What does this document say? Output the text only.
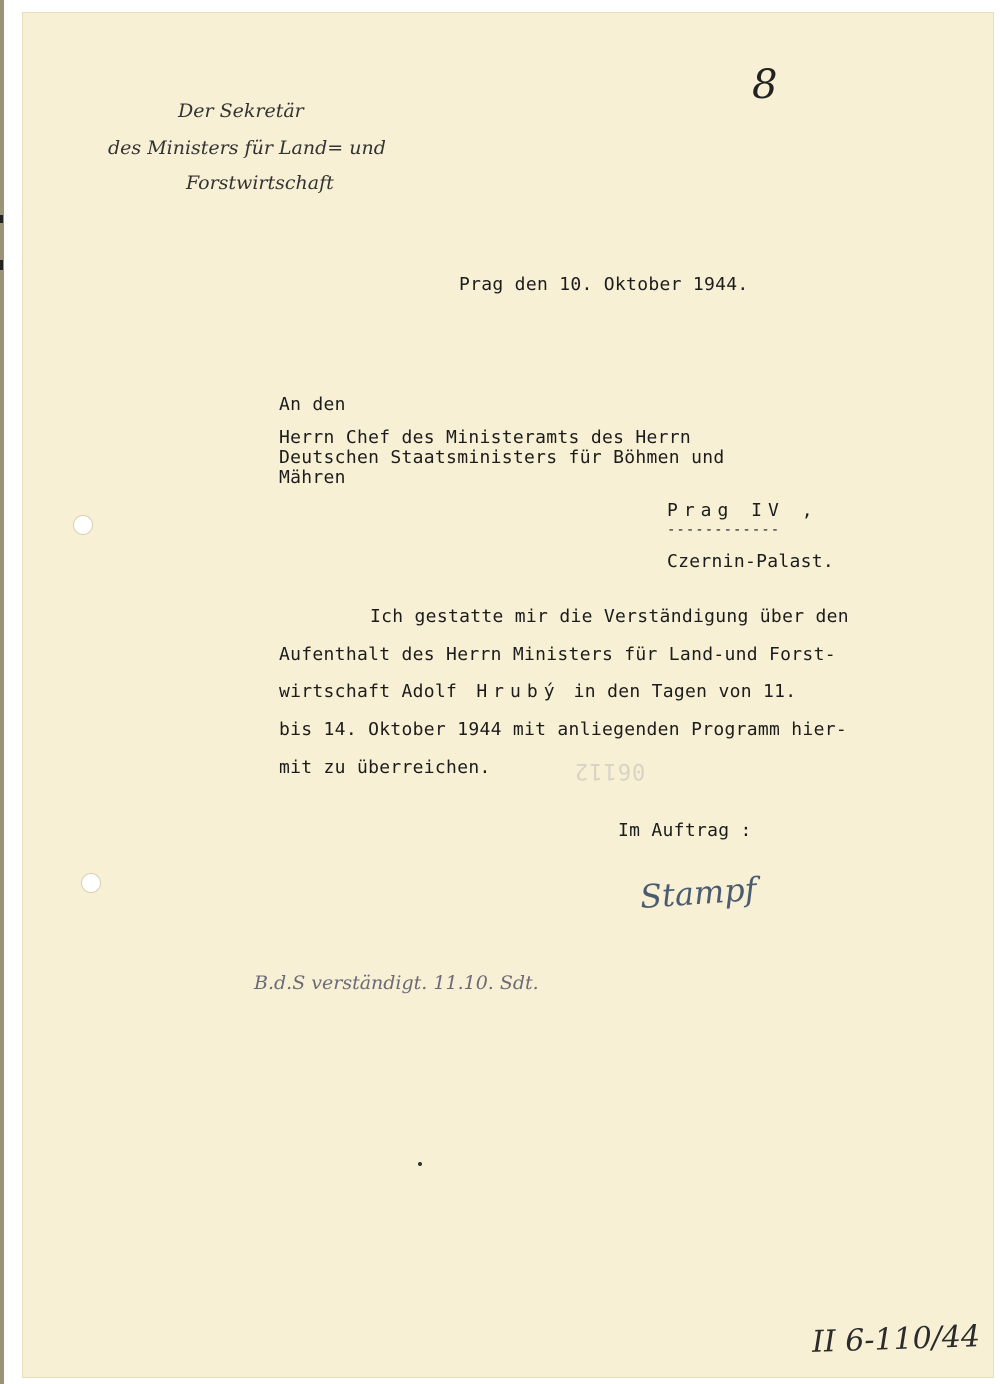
Der Sekretär
des Ministers für Land= und
Forstwirtschaft
8
Prag den 10. Oktober 1944.
An den
Herrn Chef des Ministeramts des Herrn
Deutschen Staatsministers für Böhmen und
Mähren
Prag IV ,
------------
Czernin-Palast.
Ich gestatte mir die Verständigung über den
Aufenthalt des Herrn Ministers für Land-und Forst-
wirtschaft Adolf Hrubý in den Tagen von 11.
bis 14. Oktober 1944 mit anliegenden Programm hier-
mit zu überreichen.	06112
Im Auftrag :
Stampf
B.d.S verständigt. 11.10. Sdt.
II 6-110/44
